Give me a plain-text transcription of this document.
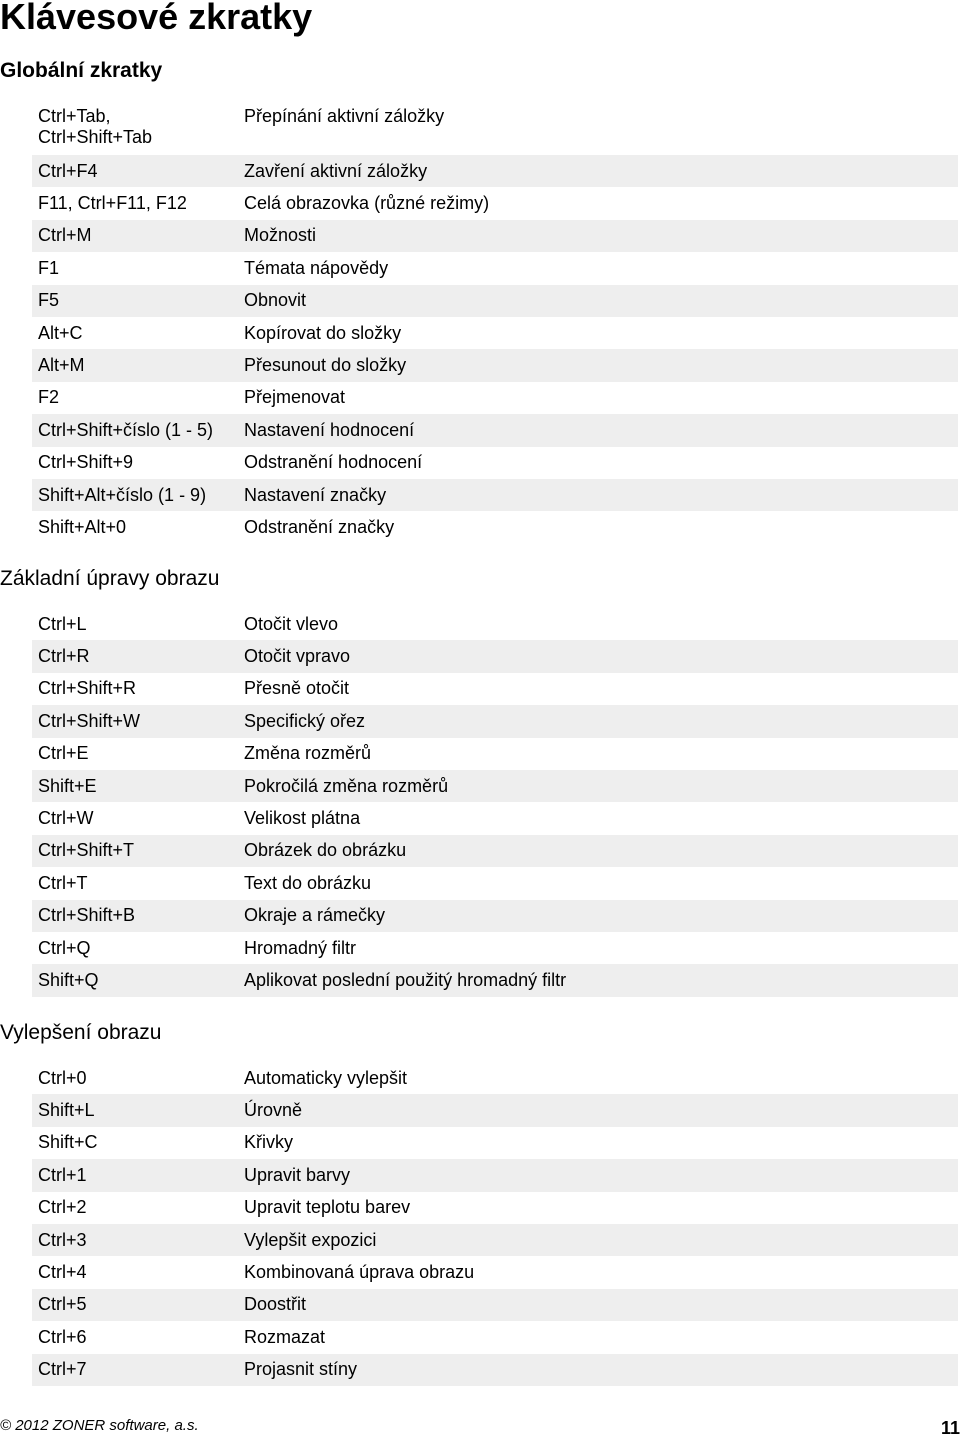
Klávesové zkratky
Globální zkratky
Ctrl+Tab,
Ctrl+Shift+Tab	Přepínání aktivní záložky
Ctrl+F4	Zavření aktivní záložky
F11, Ctrl+F11, F12	Celá obrazovka (různé režimy)
Ctrl+M	Možnosti
F1	Témata nápovědy
F5	Obnovit
Alt+C	Kopírovat do složky
Alt+M	Přesunout do složky
F2	Přejmenovat
Ctrl+Shift+číslo (1 - 5)	Nastavení hodnocení
Ctrl+Shift+9	Odstranění hodnocení
Shift+Alt+číslo (1 - 9)	Nastavení značky
Shift+Alt+0	Odstranění značky
Základní úpravy obrazu
Ctrl+L	Otočit vlevo
Ctrl+R	Otočit vpravo
Ctrl+Shift+R	Přesně otočit
Ctrl+Shift+W	Specifický ořez
Ctrl+E	Změna rozměrů
Shift+E	Pokročilá změna rozměrů
Ctrl+W	Velikost plátna
Ctrl+Shift+T	Obrázek do obrázku
Ctrl+T	Text do obrázku
Ctrl+Shift+B	Okraje a rámečky
Ctrl+Q	Hromadný filtr
Shift+Q	Aplikovat poslední použitý hromadný filtr
Vylepšení obrazu
Ctrl+0	Automaticky vylepšit
Shift+L	Úrovně
Shift+C	Křivky
Ctrl+1	Upravit barvy
Ctrl+2	Upravit teplotu barev
Ctrl+3	Vylepšit expozici
Ctrl+4	Kombinovaná úprava obrazu
Ctrl+5	Doostřit
Ctrl+6	Rozmazat
Ctrl+7	Projasnit stíny
© 2012 ZONER software, a.s.	11
